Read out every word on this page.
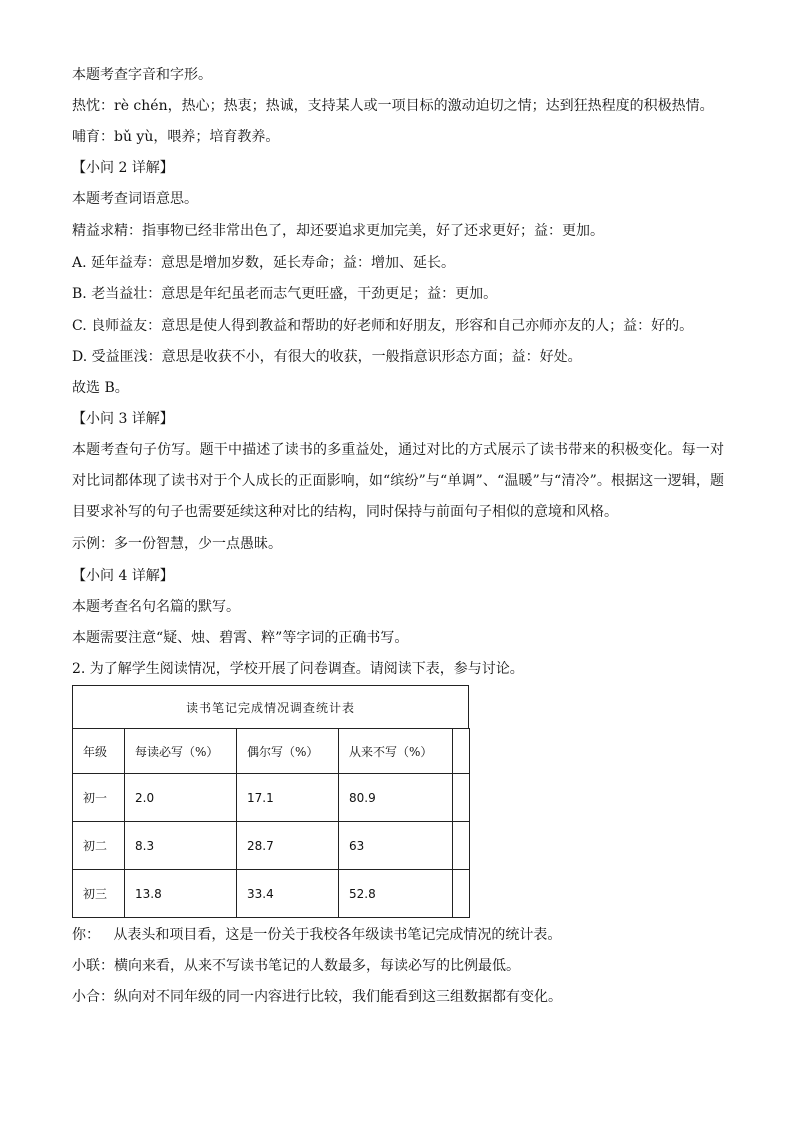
本题考查字音和字形。
热忱：rè chén，热心；热衷；热诚，支持某人或一项目标的激动迫切之情；达到狂热程度的积极热情。
哺育：bǔ yù，喂养；培育教养。
【小问 2 详解】
本题考查词语意思。
精益求精：指事物已经非常出色了，却还要追求更加完美，好了还求更好；益：更加。
A. 延年益寿：意思是增加岁数，延长寿命；益：增加、延长。
B. 老当益壮：意思是年纪虽老而志气更旺盛，干劲更足；益：更加。
C. 良师益友：意思是使人得到教益和帮助的好老师和好朋友，形容和自己亦师亦友的人；益：好的。
D. 受益匪浅：意思是收获不小，有很大的收获，一般指意识形态方面；益：好处。
故选 B。
【小问 3 详解】
本题考查句子仿写。题干中描述了读书的多重益处，通过对比的方式展示了读书带来的积极变化。每一对对比词都体现了读书对于个人成长的正面影响，如“缤纷”与“单调”、“温暖”与“清冷”。根据这一逻辑，题目要求补写的句子也需要延续这种对比的结构，同时保持与前面句子相似的意境和风格。
示例：多一份智慧，少一点愚昧。
【小问 4 详解】
本题考查名句名篇的默写。
本题需要注意“疑、烛、碧霄、粹”等字词的正确书写。
2. 为了解学生阅读情况，学校开展了问卷调查。请阅读下表，参与讨论。
读书笔记完成情况调查统计表
年级	每读必写（%）	偶尔写（%）	从来不写（%）	
初一	2.0	17.1	80.9	
初二	8.3	28.7	63	
初三	13.8	33.4	52.8	
你：   从表头和项目看，这是一份关于我校各年级读书笔记完成情况的统计表。
小联：横向来看，从来不写读书笔记的人数最多，每读必写的比例最低。
小合：纵向对不同年级的同一内容进行比较，我们能看到这三组数据都有变化。
